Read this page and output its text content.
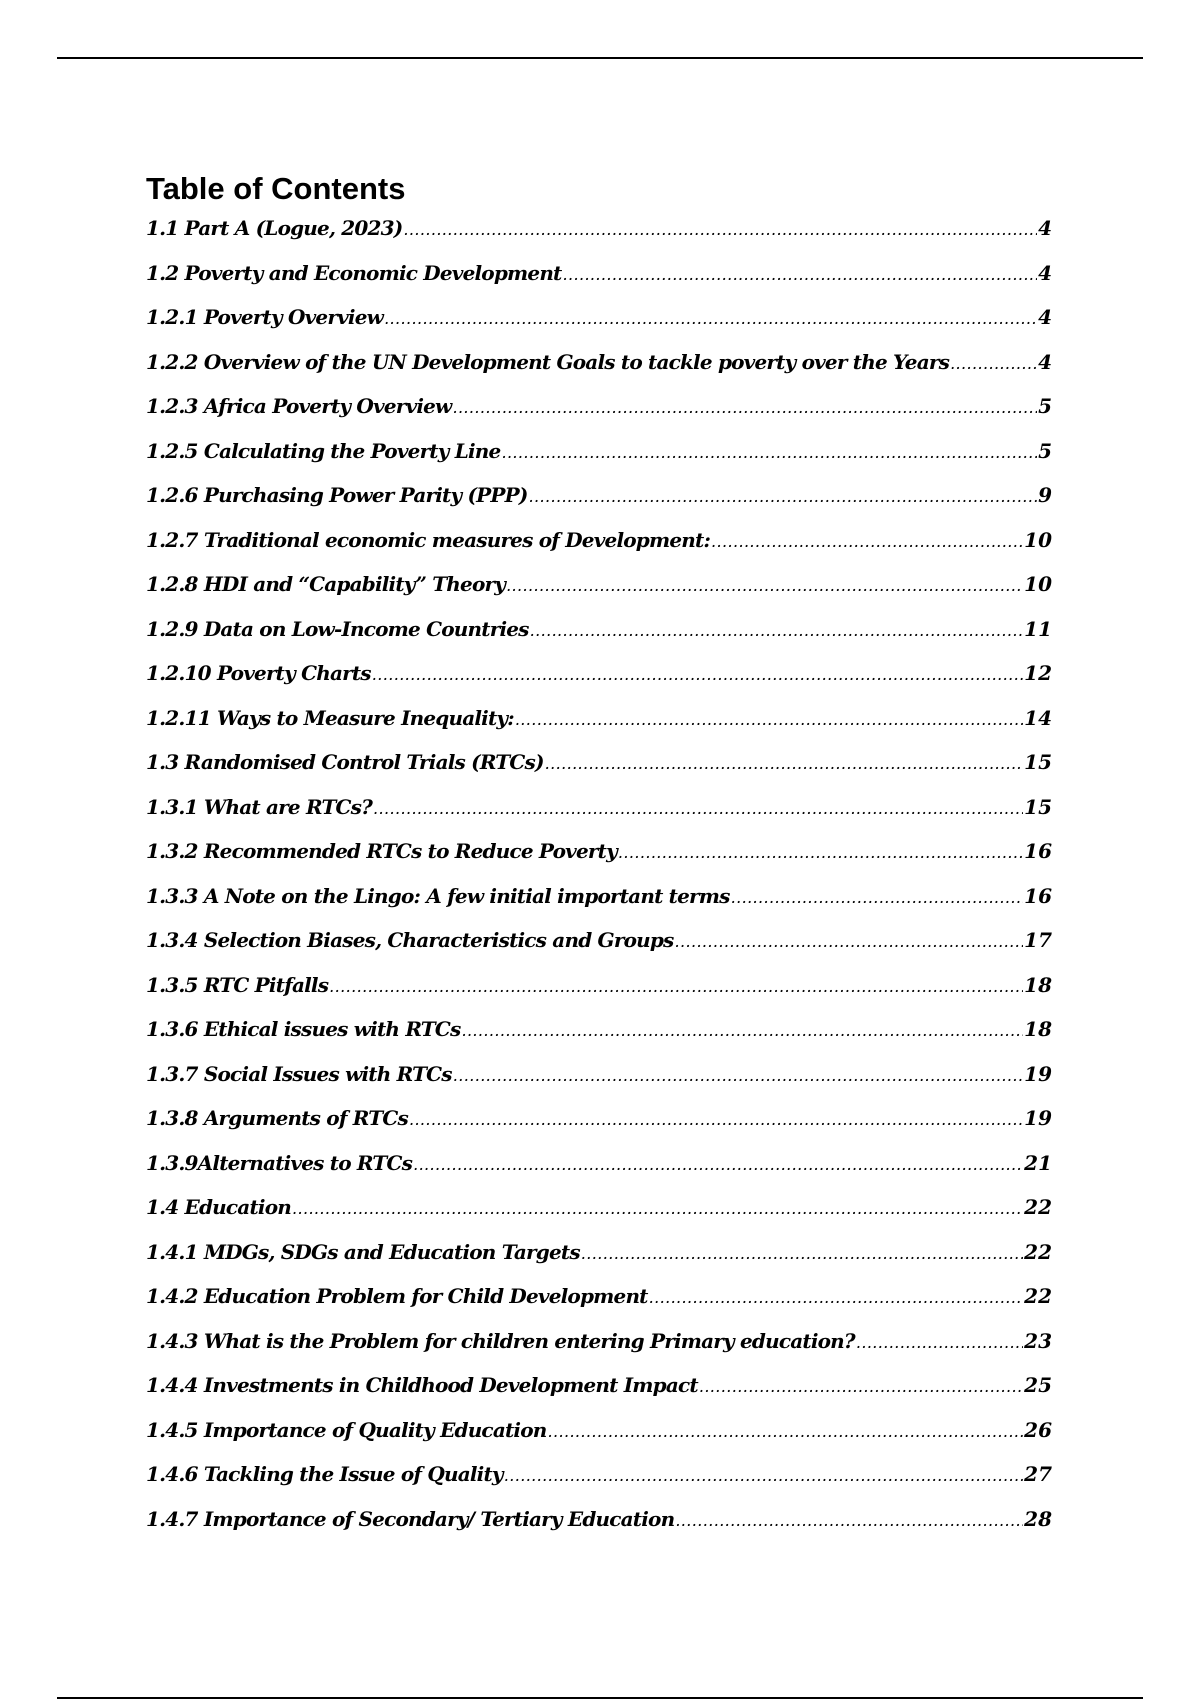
Table of Contents
1.1 Part A (Logue, 2023) .....	4
1.2 Poverty and Economic Development .....	4
1.2.1 Poverty Overview .....	4
1.2.2 Overview of the UN Development Goals to tackle poverty over the Years .....	4
1.2.3 Africa Poverty Overview .....	5
1.2.5 Calculating the Poverty Line .....	5
1.2.6 Purchasing Power Parity (PPP) .....	9
1.2.7 Traditional economic measures of Development: .....	10
1.2.8 HDI and “Capability” Theory .....	10
1.2.9 Data on Low-Income Countries .....	11
1.2.10 Poverty Charts .....	12
1.2.11 Ways to Measure Inequality: .....	14
1.3 Randomised Control Trials (RTCs) .....	15
1.3.1 What are RTCs? .....	15
1.3.2 Recommended RTCs to Reduce Poverty .....	16
1.3.3 A Note on the Lingo: A few initial important terms .....	16
1.3.4 Selection Biases, Characteristics and Groups .....	17
1.3.5 RTC Pitfalls .....	18
1.3.6 Ethical issues with RTCs .....	18
1.3.7 Social Issues with RTCs .....	19
1.3.8 Arguments of RTCs .....	19
1.3.9Alternatives to RTCs .....	21
1.4 Education .....	22
1.4.1 MDGs, SDGs and Education Targets .....	22
1.4.2 Education Problem for Child Development .....	22
1.4.3 What is the Problem for children entering Primary education? .....	23
1.4.4 Investments in Childhood Development Impact .....	25
1.4.5 Importance of Quality Education .....	26
1.4.6 Tackling the Issue of Quality .....	27
1.4.7 Importance of Secondary/ Tertiary Education .....	28
